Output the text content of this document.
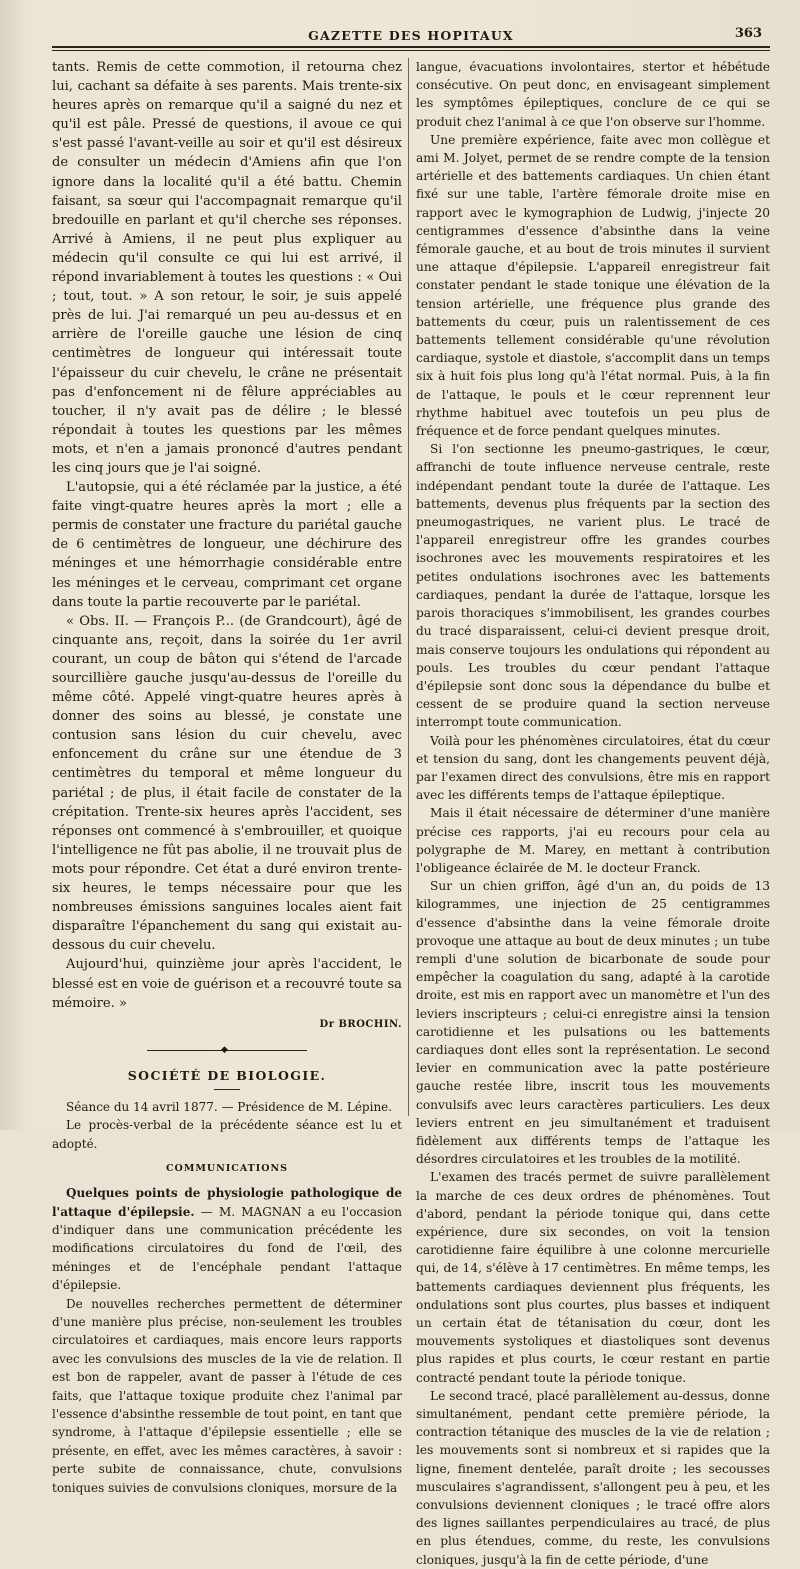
GAZETTE DES HOPITAUX	363

tants. Remis de cette commotion, il retourna chez lui, cachant sa défaite à ses parents. Mais trente-six heures après on remarque qu'il a saigné du nez et qu'il est pâle. Pressé de questions, il avoue ce qui s'est passé l'avant-veille au soir et qu'il est désireux de consulter un médecin d'Amiens afin que l'on ignore dans la localité qu'il a été battu. Chemin faisant, sa sœur qui l'accompagnait remarque qu'il bredouille en parlant et qu'il cherche ses réponses. Arrivé à Amiens, il ne peut plus expliquer au médecin qu'il consulte ce qui lui est arrivé, il répond invariablement à toutes les questions : « Oui ; tout, tout. » A son retour, le soir, je suis appelé près de lui. J'ai remarqué un peu au-dessus et en arrière de l'oreille gauche une lésion de cinq centimètres de longueur qui intéressait toute l'épaisseur du cuir chevelu, le crâne ne présentait pas d'enfoncement ni de fêlure appréciables au toucher, il n'y avait pas de délire ; le blessé répondait à toutes les questions par les mêmes mots, et n'en a jamais prononcé d'autres pendant les cinq jours que je l'ai soigné.

L'autopsie, qui a été réclamée par la justice, a été faite vingt-quatre heures après la mort ; elle a permis de constater une fracture du pariétal gauche de 6 centimètres de longueur, une déchirure des méninges et une hémorrhagie considérable entre les méninges et le cerveau, comprimant cet organe dans toute la partie recouverte par le pariétal.

« Obs. II. — François P... (de Grandcourt), âgé de cinquante ans, reçoit, dans la soirée du 1er avril courant, un coup de bâton qui s'étend de l'arcade sourcillière gauche jusqu'au-dessus de l'oreille du même côté. Appelé vingt-quatre heures après à donner des soins au blessé, je constate une contusion sans lésion du cuir chevelu, avec enfoncement du crâne sur une étendue de 3 centimètres du temporal et même longueur du pariétal ; de plus, il était facile de constater de la crépitation. Trente-six heures après l'accident, ses réponses ont commencé à s'embrouiller, et quoique l'intelligence ne fût pas abolie, il ne trouvait plus de mots pour répondre. Cet état a duré environ trente-six heures, le temps nécessaire pour que les nombreuses émissions sanguines locales aient fait disparaître l'épanchement du sang qui existait au-dessous du cuir chevelu.

Aujourd'hui, quinzième jour après l'accident, le blessé est en voie de guérison et a recouvré toute sa mémoire. »

Dr BROCHIN.
◆
SOCIÉTÉ DE BIOLOGIE.

Séance du 14 avril 1877. — Présidence de M. Lépine.

Le procès-verbal de la précédente séance est lu et adopté.

COMMUNICATIONS

Quelques points de physiologie pathologique de l'attaque d'épilepsie. — M. MAGNAN a eu l'occasion d'indiquer dans une communication précédente les modifications circulatoires du fond de l'œil, des méninges et de l'encéphale pendant l'attaque d'épilepsie.

De nouvelles recherches permettent de déterminer d'une manière plus précise, non-seulement les troubles circulatoires et cardiaques, mais encore leurs rapports avec les convulsions des muscles de la vie de relation. Il est bon de rappeler, avant de passer à l'étude de ces faits, que l'attaque toxique produite chez l'animal par l'essence d'absinthe ressemble de tout point, en tant que syndrome, à l'attaque d'épilepsie essentielle ; elle se présente, en effet, avec les mêmes caractères, à savoir : perte subite de connaissance, chute, convulsions toniques suivies de convulsions cloniques, morsure de la

langue, évacuations involontaires, stertor et hébétude consécutive. On peut donc, en envisageant simplement les symptômes épileptiques, conclure de ce qui se produit chez l'animal à ce que l'on observe sur l'homme.

Une première expérience, faite avec mon collègue et ami M. Jolyet, permet de se rendre compte de la tension artérielle et des battements cardiaques. Un chien étant fixé sur une table, l'artère fémorale droite mise en rapport avec le kymographion de Ludwig, j'injecte 20 centigrammes d'essence d'absinthe dans la veine fémorale gauche, et au bout de trois minutes il survient une attaque d'épilepsie. L'appareil enregistreur fait constater pendant le stade tonique une élévation de la tension artérielle, une fréquence plus grande des battements du cœur, puis un ralentissement de ces battements tellement considérable qu'une révolution cardiaque, systole et diastole, s'accomplit dans un temps six à huit fois plus long qu'à l'état normal. Puis, à la fin de l'attaque, le pouls et le cœur reprennent leur rhythme habituel avec toutefois un peu plus de fréquence et de force pendant quelques minutes.

Si l'on sectionne les pneumo-gastriques, le cœur, affranchi de toute influence nerveuse centrale, reste indépendant pendant toute la durée de l'attaque. Les battements, devenus plus fréquents par la section des pneumogastriques, ne varient plus. Le tracé de l'appareil enregistreur offre les grandes courbes isochrones avec les mouvements respiratoires et les petites ondulations isochrones avec les battements cardiaques, pendant la durée de l'attaque, lorsque les parois thoraciques s'immobilisent, les grandes courbes du tracé disparaissent, celui-ci devient presque droit, mais conserve toujours les ondulations qui répondent au pouls. Les troubles du cœur pendant l'attaque d'épilepsie sont donc sous la dépendance du bulbe et cessent de se produire quand la section nerveuse interrompt toute communication.

Voilà pour les phénomènes circulatoires, état du cœur et tension du sang, dont les changements peuvent déjà, par l'examen direct des convulsions, être mis en rapport avec les différents temps de l'attaque épileptique.

Mais il était nécessaire de déterminer d'une manière précise ces rapports, j'ai eu recours pour cela au polygraphe de M. Marey, en mettant à contribution l'obligeance éclairée de M. le docteur Franck.

Sur un chien griffon, âgé d'un an, du poids de 13 kilogrammes, une injection de 25 centigrammes d'essence d'absinthe dans la veine fémorale droite provoque une attaque au bout de deux minutes ; un tube rempli d'une solution de bicarbonate de soude pour empêcher la coagulation du sang, adapté à la carotide droite, est mis en rapport avec un manomètre et l'un des leviers inscripteurs ; celui-ci enregistre ainsi la tension carotidienne et les pulsations ou les battements cardiaques dont elles sont la représentation. Le second levier en communication avec la patte postérieure gauche restée libre, inscrit tous les mouvements convulsifs avec leurs caractères particuliers. Les deux leviers entrent en jeu simultanément et traduisent fidèlement aux différents temps de l'attaque les désordres circulatoires et les troubles de la motilité.

L'examen des tracés permet de suivre parallèlement la marche de ces deux ordres de phénomènes. Tout d'abord, pendant la période tonique qui, dans cette expérience, dure six secondes, on voit la tension carotidienne faire équilibre à une colonne mercurielle qui, de 14, s'élève à 17 centimètres. En même temps, les battements cardiaques deviennent plus fréquents, les ondulations sont plus courtes, plus basses et indiquent un certain état de tétanisation du cœur, dont les mouvements systoliques et diastoliques sont devenus plus rapides et plus courts, le cœur restant en partie contracté pendant toute la période tonique.

Le second tracé, placé parallèlement au-dessus, donne simultanément, pendant cette première période, la contraction tétanique des muscles de la vie de relation ; les mouvements sont si nombreux et si rapides que la ligne, finement dentelée, paraît droite ; les secousses musculaires s'agrandissent, s'allongent peu à peu, et les convulsions deviennent cloniques ; le tracé offre alors des lignes saillantes perpendiculaires au tracé, de plus en plus étendues, comme, du reste, les convulsions cloniques, jusqu'à la fin de cette période, d'une
